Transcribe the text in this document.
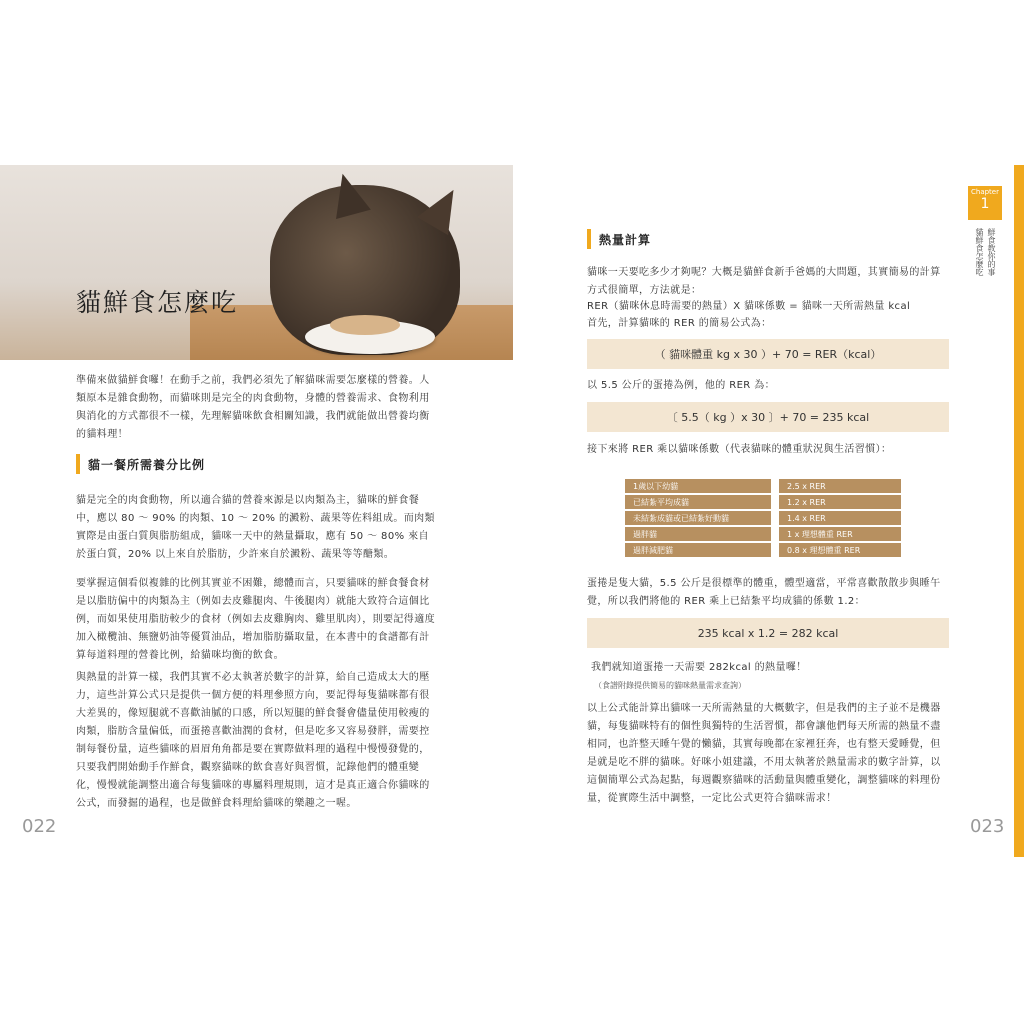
貓鮮食怎麼吃

準備來做貓鮮食囉！在動手之前，我們必須先了解貓咪需要怎麼樣的營養。人類原本是雜食動物，而貓咪則是完全的肉食動物，身體的營養需求、食物利用與消化的方式都很不一樣，先理解貓咪飲食相關知識，我們就能做出營養均衡的貓料理！

貓一餐所需養分比例

貓是完全的肉食動物，所以適合貓的營養來源是以肉類為主，貓咪的鮮食餐中，應以 80 ～ 90% 的肉類、10 ～ 20% 的澱粉、蔬果等佐料組成。而肉類實際是由蛋白質與脂肪組成，貓咪一天中的熱量攝取，應有 50 ～ 80% 來自於蛋白質，20% 以上來自於脂肪，少許來自於澱粉、蔬果等等醣類。

要掌握這個看似複雜的比例其實並不困難，總體而言，只要貓咪的鮮食餐食材是以脂肪偏中的肉類為主（例如去皮雞腿肉、牛後腿肉）就能大致符合這個比例，而如果使用脂肪較少的食材（例如去皮雞胸肉、雞里肌肉），則要記得適度加入橄欖油、無鹽奶油等優質油品，增加脂肪攝取量，在本書中的食譜都有計算每道料理的營養比例，給貓咪均衡的飲食。

與熱量的計算一樣，我們其實不必太執著於數字的計算，給自己造成太大的壓力，這些計算公式只是提供一個方便的料理參照方向，要記得每隻貓咪都有很大差異的，像短腿就不喜歡油膩的口感，所以短腿的鮮食餐會儘量使用較瘦的肉類，脂肪含量偏低，而蛋捲喜歡油潤的食材，但是吃多又容易發胖，需要控制每餐份量，這些貓咪的眉眉角角都是要在實際做料理的過程中慢慢發覺的，只要我們開始動手作鮮食，觀察貓咪的飲食喜好與習慣，記錄他們的體重變化，慢慢就能調整出適合每隻貓咪的專屬料理規則，這才是真正適合你貓咪的公式，而發掘的過程，也是做鮮食料理給貓咪的樂趣之一喔。

022
熱量計算

貓咪一天要吃多少才夠呢？大概是貓鮮食新手爸媽的大問題，其實簡易的計算方式很簡單，方法就是：

RER（貓咪休息時需要的熱量）X 貓咪係數 = 貓咪一天所需熱量 kcal

首先，計算貓咪的 RER 的簡易公式為：

（ 貓咪體重 kg x 30 ）+ 70 = RER（kcal）

以 5.5 公斤的蛋捲為例，他的 RER 為：

〔 5.5（ kg ）x 30 〕+ 70 = 235 kcal

接下來將 RER 乘以貓咪係數（代表貓咪的體重狀況與生活習慣）：

1歲以下幼貓		2.5 x RER
已結紮平均成貓		1.2 x RER
未結紮成貓或已結紮好動貓		1.4 x RER
過胖貓		1 x 理想體重 RER
過胖減肥貓		0.8 x 理想體重 RER

蛋捲是隻大貓，5.5 公斤是很標準的體重，體型適當，平常喜歡散散步與睡午覺，所以我們將他的 RER 乘上已結紮平均成貓的係數 1.2：

235 kcal x 1.2 = 282 kcal

我們就知道蛋捲一天需要 282kcal 的熱量囉！

（食譜附錄提供簡易的貓咪熱量需求查詢）

以上公式能計算出貓咪一天所需熱量的大概數字，但是我們的主子並不是機器貓，每隻貓咪特有的個性與獨特的生活習慣，都會讓他們每天所需的熱量不盡相同，也許整天睡午覺的懶貓，其實每晚都在家裡狂奔，也有整天愛睡覺，但是就是吃不胖的貓咪。好咪小姐建議，不用太執著於熱量需求的數字計算，以這個簡單公式為起點，每週觀察貓咪的活動量與體重變化，調整貓咪的料理份量，從實際生活中調整，一定比公式更符合貓咪需求！

023
Chapter
1
鮮食教你的事
貓鮮食怎麼吃
